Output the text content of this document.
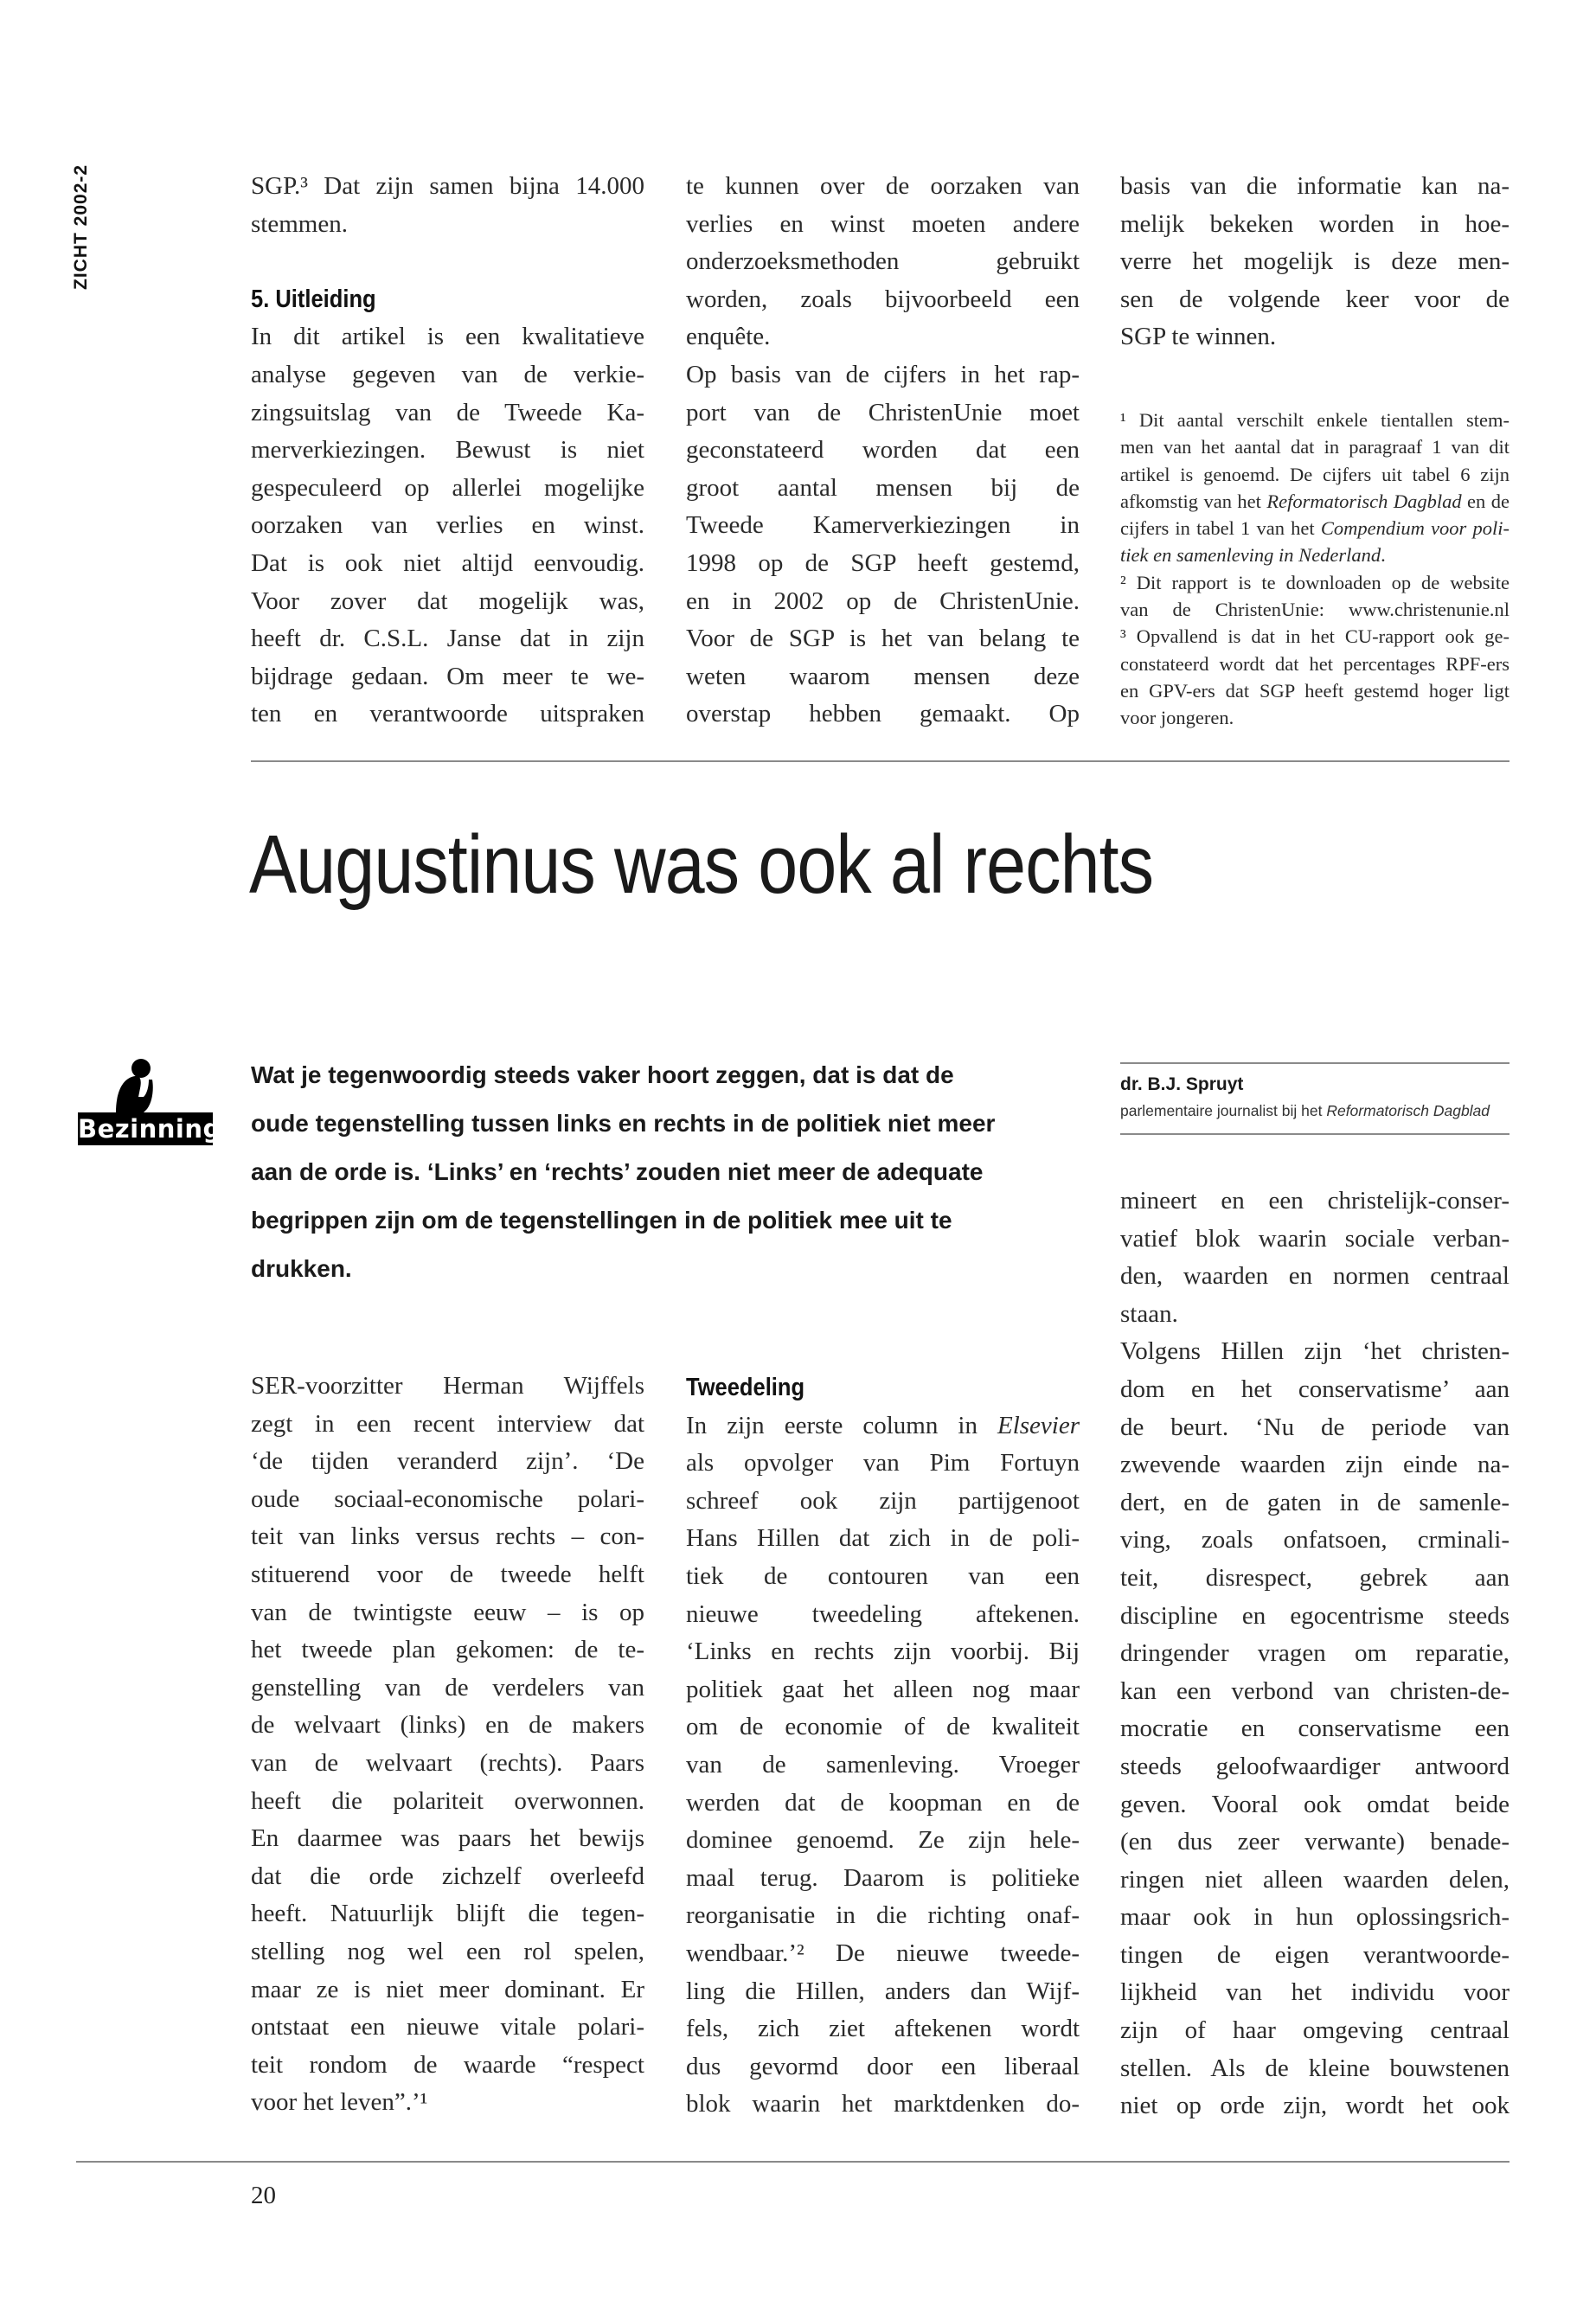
ZICHT 2002-2	SGP.³ Dat zijn samen bijna 14.000
stemmen.
5. Uitleiding
In dit artikel is een kwalitatieve
analyse gegeven van de verkie-
zingsuitslag van de Tweede Ka-
merverkiezingen. Bewust is niet
gespeculeerd op allerlei mogelijke
oorzaken van verlies en winst.
Dat is ook niet altijd eenvoudig.
Voor zover dat mogelijk was,
heeft dr. C.S.L. Janse dat in zijn
bijdrage gedaan. Om meer te we-
ten en verantwoorde uitspraken
te kunnen over de oorzaken van
verlies en winst moeten andere
onderzoeksmethoden gebruikt
worden, zoals bijvoorbeeld een
enquête.
Op basis van de cijfers in het rap-
port van de ChristenUnie moet
geconstateerd worden dat een
groot aantal mensen bij de
Tweede Kamerverkiezingen in
1998 op de SGP heeft gestemd,
en in 2002 op de ChristenUnie.
Voor de SGP is het van belang te
weten waarom mensen deze
overstap hebben gemaakt. Op
basis van die informatie kan na-
melijk bekeken worden in hoe-
verre het mogelijk is deze men-
sen de volgende keer voor de
SGP te winnen.
¹ Dit aantal verschilt enkele tientallen stem-
men van het aantal dat in paragraaf 1 van dit
artikel is genoemd. De cijfers uit tabel 6 zijn
afkomstig van het Reformatorisch Dagblad en de
cijfers in tabel 1 van het Compendium voor poli-
tiek en samenleving in Nederland.
² Dit rapport is te downloaden op de website
van de ChristenUnie: www.christenunie.nl
³ Opvallend is dat in het CU-rapport ook ge-
constateerd wordt dat het percentages RPF-ers
en GPV-ers dat SGP heeft gestemd hoger ligt
voor jongeren.
Augustinus was ook al rechts
Bezinning
Wat je tegenwoordig steeds vaker hoort zeggen, dat is dat de
oude tegenstelling tussen links en rechts in de politiek niet meer
aan de orde is. ‘Links’ en ‘rechts’ zouden niet meer de adequate
begrippen zijn om de tegenstellingen in de politiek mee uit te
drukken.
dr. B.J. Spruyt
parlementaire journalist bij het Reformatorisch Dagblad
SER-voorzitter Herman Wijffels
zegt in een recent interview dat
‘de tijden veranderd zijn’. ‘De
oude sociaal-economische polari-
teit van links versus rechts – con-
stituerend voor de tweede helft
van de twintigste eeuw – is op
het tweede plan gekomen: de te-
genstelling van de verdelers van
de welvaart (links) en de makers
van de welvaart (rechts). Paars
heeft die polariteit overwonnen.
En daarmee was paars het bewijs
dat die orde zichzelf overleefd
heeft. Natuurlijk blijft die tegen-
stelling nog wel een rol spelen,
maar ze is niet meer dominant. Er
ontstaat een nieuwe vitale polari-
teit rondom de waarde “respect
voor het leven”.’¹
Tweedeling
In zijn eerste column in Elsevier
als opvolger van Pim Fortuyn
schreef ook zijn partijgenoot
Hans Hillen dat zich in de poli-
tiek de contouren van een
nieuwe tweedeling aftekenen.
‘Links en rechts zijn voorbij. Bij
politiek gaat het alleen nog maar
om de economie of de kwaliteit
van de samenleving. Vroeger
werden dat de koopman en de
dominee genoemd. Ze zijn hele-
maal terug. Daarom is politieke
reorganisatie in die richting onaf-
wendbaar.’² De nieuwe tweede-
ling die Hillen, anders dan Wijf-
fels, zich ziet aftekenen wordt
dus gevormd door een liberaal
blok waarin het marktdenken do-
mineert en een christelijk-conser-
vatief blok waarin sociale verban-
den, waarden en normen centraal
staan.
Volgens Hillen zijn ‘het christen-
dom en het conservatisme’ aan
de beurt. ‘Nu de periode van
zwevende waarden zijn einde na-
dert, en de gaten in de samenle-
ving, zoals onfatsoen, crminali-
teit, disrespect, gebrek aan
discipline en egocentrisme steeds
dringender vragen om reparatie,
kan een verbond van christen-de-
mocratie en conservatisme een
steeds geloofwaardiger antwoord
geven. Vooral ook omdat beide
(en dus zeer verwante) benade-
ringen niet alleen waarden delen,
maar ook in hun oplossingsrich-
tingen de eigen verantwoorde-
lijkheid van het individu voor
zijn of haar omgeving centraal
stellen. Als de kleine bouwstenen
niet op orde zijn, wordt het ook
20
